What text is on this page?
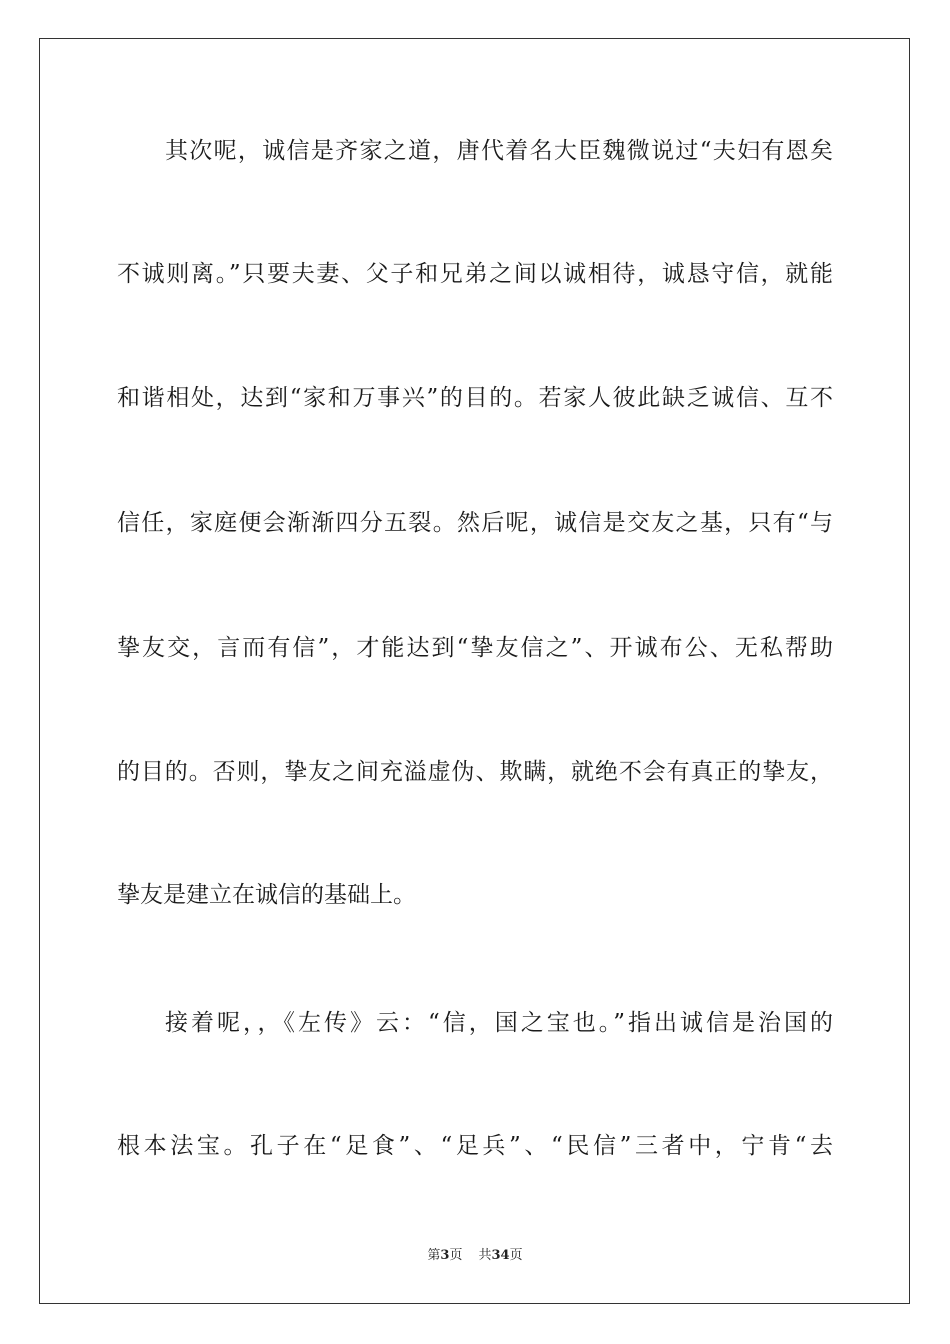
其次呢，诚信是齐家之道，唐代着名大臣魏微说过“夫妇有恩矣
不诚则离。”只要夫妻、父子和兄弟之间以诚相待，诚恳守信，就能
和谐相处，达到“家和万事兴”的目的。若家人彼此缺乏诚信、互不
信任，家庭便会渐渐四分五裂。然后呢，诚信是交友之基，只有“与
挚友交，言而有信”，才能达到“挚友信之”、开诚布公、无私帮助
的目的。否则，挚友之间充溢虚伪、欺瞒，就绝不会有真正的挚友，
挚友是建立在诚信的基础上。
接着呢，，《左传》云：“信，国之宝也。”指出诚信是治国的
根本法宝。孔子在“足食”、“足兵”、“民信”三者中，宁肯“去
第3页 共34页
